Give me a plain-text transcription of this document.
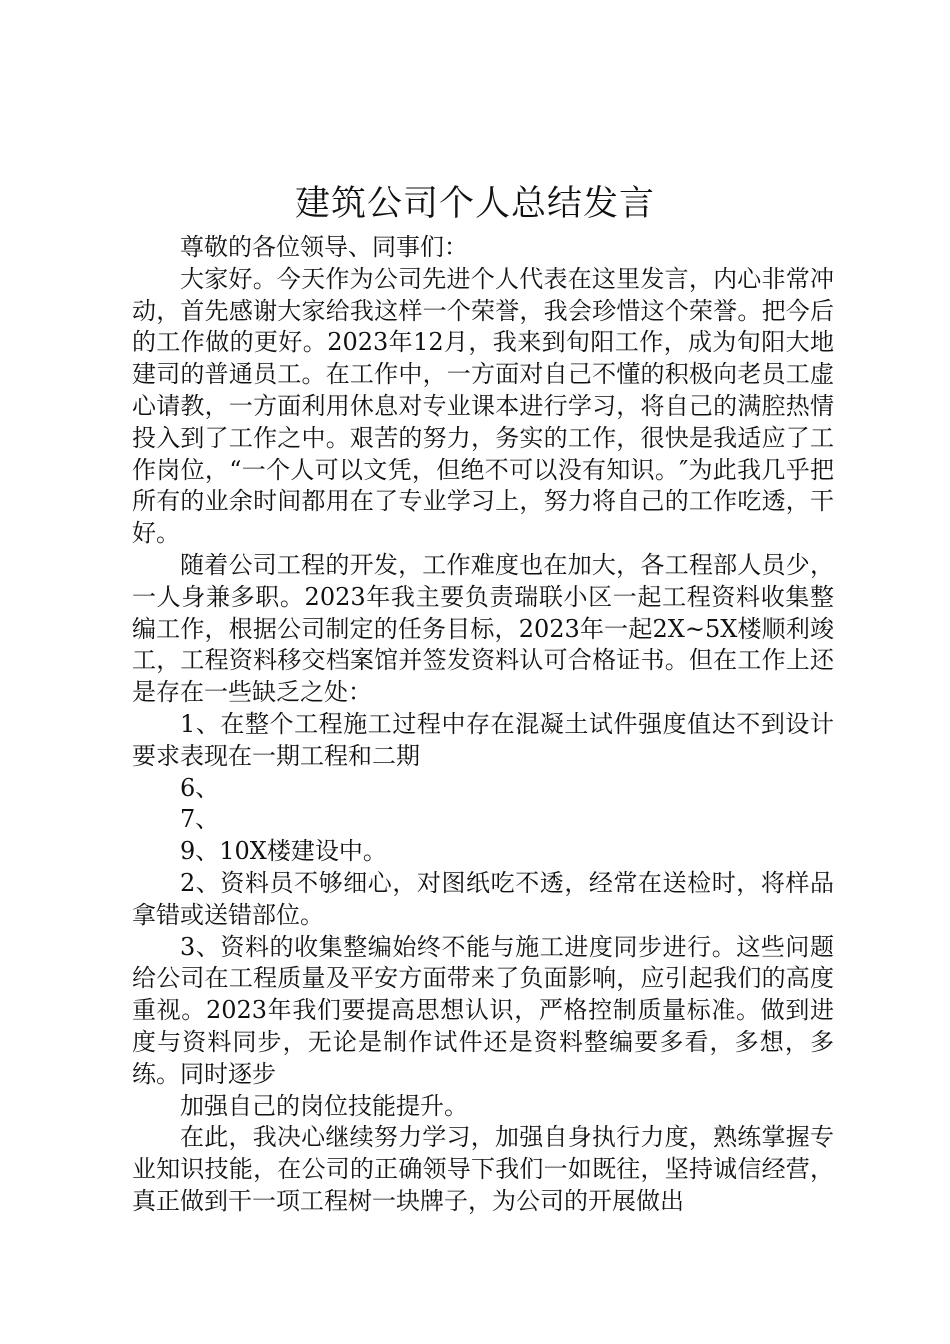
建筑公司个人总结发言

尊敬的各位领导、同事们：

大家好。今天作为公司先进个人代表在这里发言，内心非常冲动，首先感谢大家给我这样一个荣誉，我会珍惜这个荣誉。把今后的工作做的更好。2023年12月，我来到旬阳工作，成为旬阳大地建司的普通员工。在工作中，一方面对自己不懂的积极向老员工虚心请教，一方面利用休息对专业课本进行学习，将自己的满腔热情投入到了工作之中。艰苦的努力，务实的工作，很快是我适应了工作岗位，“一个人可以文凭，但绝不可以没有知识。″为此我几乎把所有的业余时间都用在了专业学习上，努力将自己的工作吃透，干好。

随着公司工程的开发，工作难度也在加大，各工程部人员少，一人身兼多职。2023年我主要负责瑞联小区一起工程资料收集整编工作，根据公司制定的任务目标，2023年一起2X~5X楼顺利竣工，工程资料移交档案馆并签发资料认可合格证书。但在工作上还是存在一些缺乏之处：

1、在整个工程施工过程中存在混凝土试件强度值达不到设计要求表现在一期工程和二期

6、

7、

9、10X楼建设中。

2、资料员不够细心，对图纸吃不透，经常在送检时，将样品拿错或送错部位。

3、资料的收集整编始终不能与施工进度同步进行。这些问题给公司在工程质量及平安方面带来了负面影响，应引起我们的高度重视。2023年我们要提高思想认识，严格控制质量标准。做到进度与资料同步，无论是制作试件还是资料整编要多看，多想，多练。同时逐步

加强自己的岗位技能提升。

在此，我决心继续努力学习，加强自身执行力度，熟练掌握专业知识技能，在公司的正确领导下我们一如既往，坚持诚信经营，真正做到干一项工程树一块牌子，为公司的开展做出
